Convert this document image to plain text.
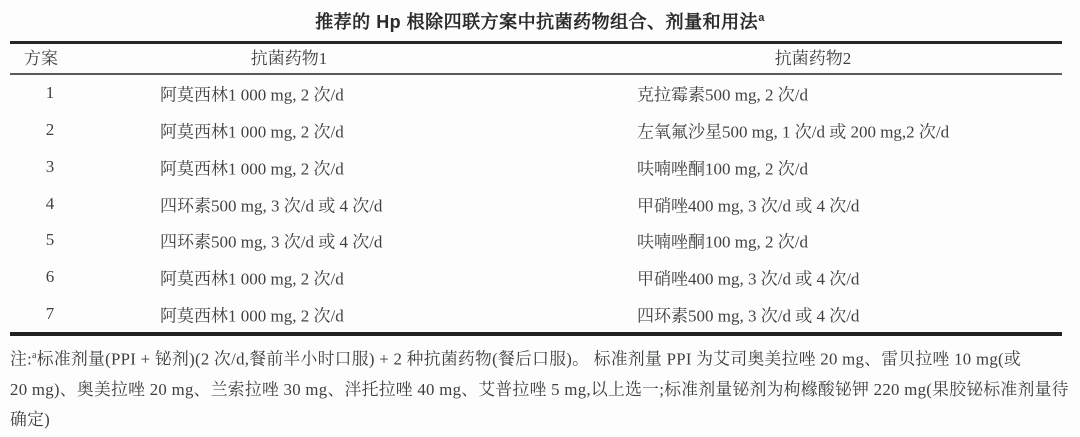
推荐的 Hp 根除四联方案中抗菌药物组合、剂量和用法$^a$
方案	抗菌药物1	抗菌药物2
1	阿莫西林1 000 mg, 2 次/d	克拉霉素500 mg, 2 次/d
2	阿莫西林1 000 mg, 2 次/d	左氧氟沙星500 mg, 1 次/d 或 200 mg,2 次/d
3	阿莫西林1 000 mg, 2 次/d	呋喃唑酮100 mg, 2 次/d
4	四环素500 mg, 3 次/d 或 4 次/d	甲硝唑400 mg, 3 次/d 或 4 次/d
5	四环素500 mg, 3 次/d 或 4 次/d	呋喃唑酮100 mg, 2 次/d
6	阿莫西林1 000 mg, 2 次/d	甲硝唑400 mg, 3 次/d 或 4 次/d
7	阿莫西林1 000 mg, 2 次/d	四环素500 mg, 3 次/d 或 4 次/d
注:$^a$标准剂量(PPI + 铋剂)(2 次/d,餐前半小时口服) + 2 种抗菌药物(餐后口服)。 标准剂量 PPI 为艾司奥美拉唑 20 mg、雷贝拉唑 10 mg(或
20 mg)、奥美拉唑 20 mg、兰索拉唑 30 mg、泮托拉唑 40 mg、艾普拉唑 5 mg,以上选一;标准剂量铋剂为枸橼酸铋钾 220 mg(果胶铋标准剂量待
确定)
